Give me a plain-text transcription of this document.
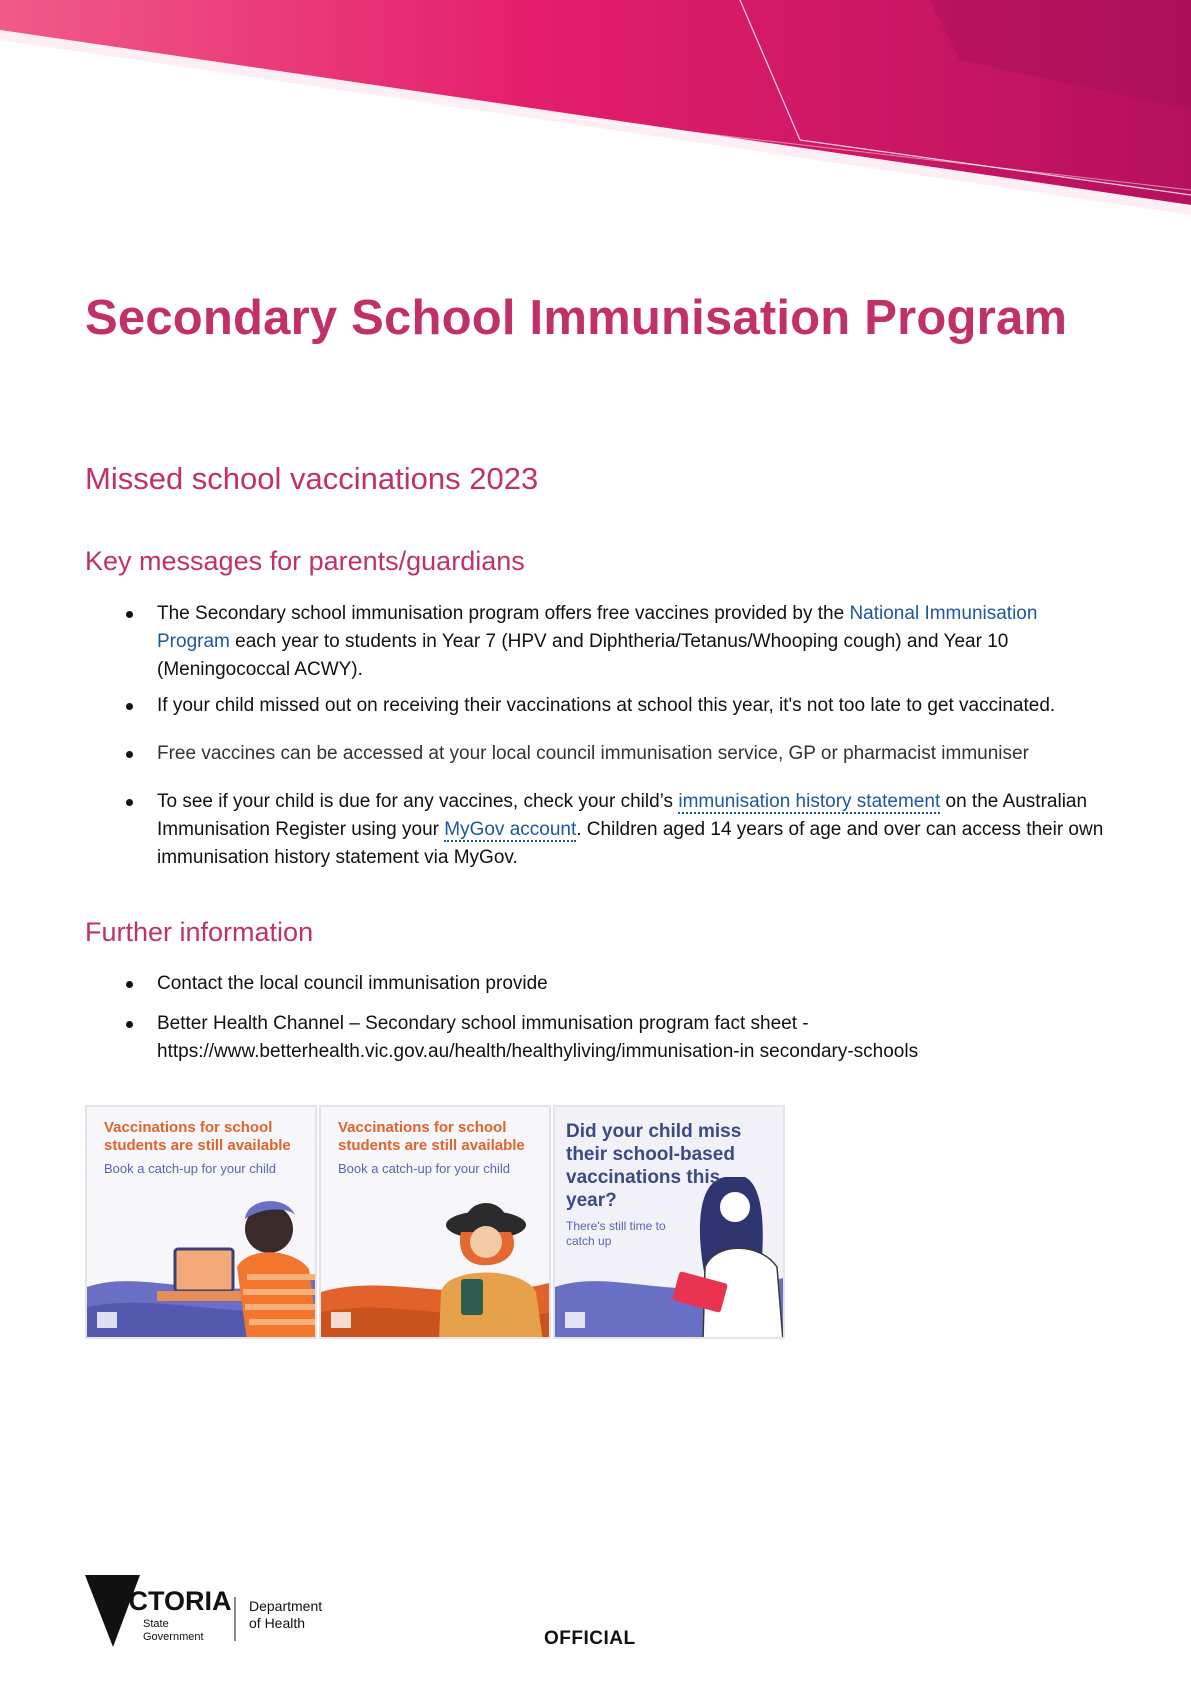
Secondary School Immunisation Program
Missed school vaccinations 2023
Key messages for parents/guardians
The Secondary school immunisation program offers free vaccines provided by the National Immunisation Program each year to students in Year 7 (HPV and Diphtheria/Tetanus/Whooping cough) and Year 10 (Meningococcal ACWY).
If your child missed out on receiving their vaccinations at school this year, it's not too late to get vaccinated.
Free vaccines can be accessed at your local council immunisation service, GP or pharmacist immuniser
To see if your child is due for any vaccines, check your child’s immunisation history statement on the Australian Immunisation Register using your MyGov account. Children aged 14 years of age and over can access their own immunisation history statement via MyGov.
Further information
Contact the local council immunisation provide
Better Health Channel – Secondary school immunisation program fact sheet - https://www.betterhealth.vic.gov.au/health/healthyliving/immunisation-in secondary-schools
Vaccinations for school students are still available
Book a catch-up for your child
Vaccinations for school students are still available
Book a catch-up for your child
Did your child miss their school-based vaccinations this year?
There's still time to catch up
VICTORIA
State
Government
Department
of Health
OFFICIAL
